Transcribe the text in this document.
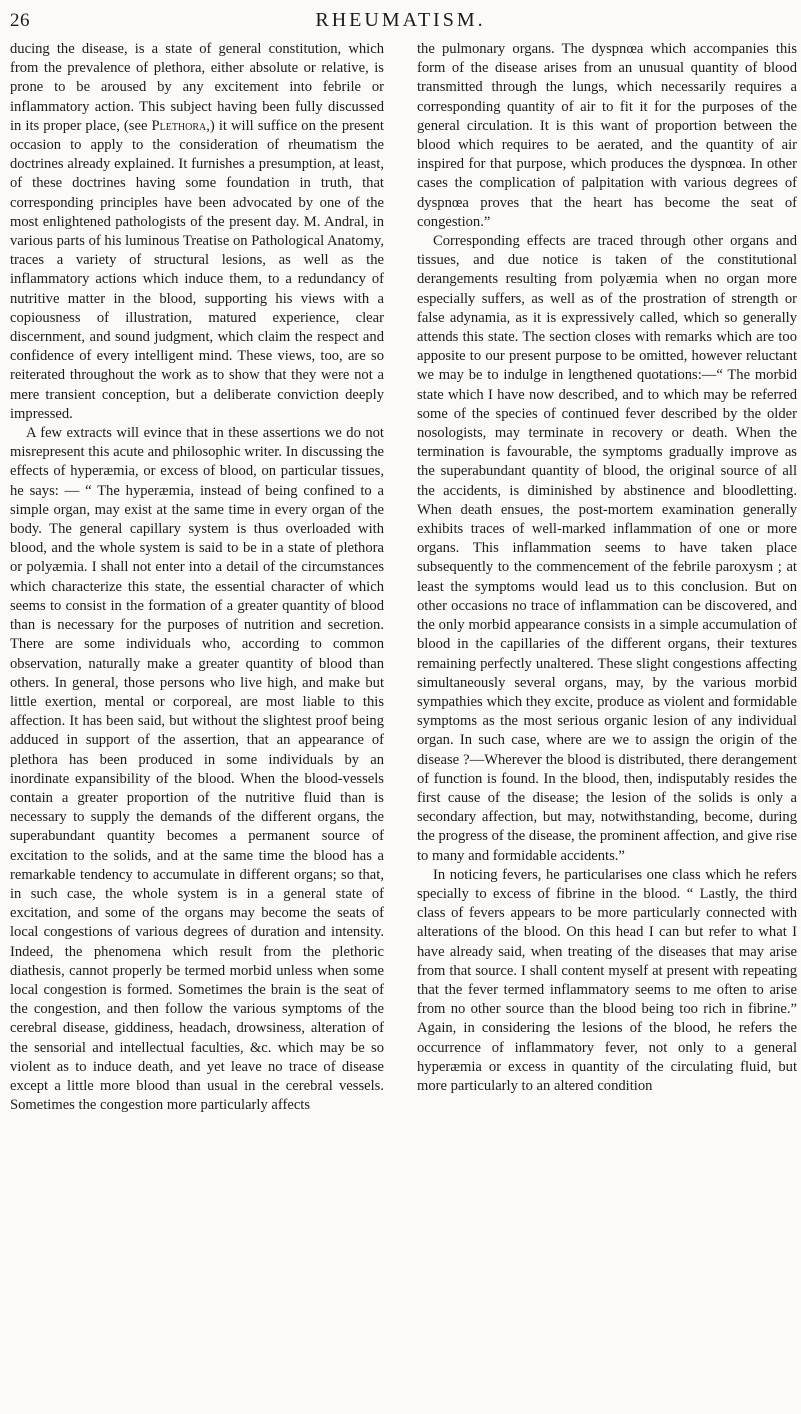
26	RHEUMATISM.

ducing the disease, is a state of general constitution, which from the prevalence of plethora, either absolute or relative, is prone to be aroused by any excitement into febrile or inflammatory action. This subject having been fully discussed in its proper place, (see Plethora,) it will suffice on the present occasion to apply to the consideration of rheumatism the doctrines already explained. It furnishes a presumption, at least, of these doctrines having some foundation in truth, that corresponding principles have been advocated by one of the most enlightened pathologists of the present day. M. Andral, in various parts of his luminous Treatise on Pathological Anatomy, traces a variety of structural lesions, as well as the inflammatory actions which induce them, to a redundancy of nutritive matter in the blood, supporting his views with a copiousness of illustration, matured experience, clear discernment, and sound judgment, which claim the respect and confidence of every intelligent mind. These views, too, are so reiterated throughout the work as to show that they were not a mere transient conception, but a deliberate conviction deeply impressed.

A few extracts will evince that in these assertions we do not misrepresent this acute and philosophic writer. In discussing the effects of hyperæmia, or excess of blood, on particular tissues, he says: — “ The hyperæmia, instead of being confined to a simple organ, may exist at the same time in every organ of the body. The general capillary system is thus overloaded with blood, and the whole system is said to be in a state of plethora or polyæmia. I shall not enter into a detail of the circumstances which characterize this state, the essential character of which seems to consist in the formation of a greater quantity of blood than is necessary for the purposes of nutrition and secretion. There are some individuals who, according to common observation, naturally make a greater quantity of blood than others. In general, those persons who live high, and make but little exertion, mental or corporeal, are most liable to this affection. It has been said, but without the slightest proof being adduced in support of the assertion, that an appearance of plethora has been produced in some individuals by an inordinate expansibility of the blood. When the blood-vessels contain a greater proportion of the nutritive fluid than is necessary to supply the demands of the different organs, the superabundant quantity becomes a permanent source of excitation to the solids, and at the same time the blood has a remarkable tendency to accumulate in different organs; so that, in such case, the whole system is in a general state of excitation, and some of the organs may become the seats of local congestions of various degrees of duration and intensity. Indeed, the phenomena which result from the plethoric diathesis, cannot properly be termed morbid unless when some local congestion is formed. Sometimes the brain is the seat of the congestion, and then follow the various symptoms of the cerebral disease, giddiness, headach, drowsiness, alteration of the sensorial and intellectual faculties, &c. which may be so violent as to induce death, and yet leave no trace of disease except a little more blood than usual in the cerebral vessels. Sometimes the congestion more particularly affects

the pulmonary organs. The dyspnœa which accompanies this form of the disease arises from an unusual quantity of blood transmitted through the lungs, which necessarily requires a corresponding quantity of air to fit it for the purposes of the general circulation. It is this want of proportion between the blood which requires to be aerated, and the quantity of air inspired for that purpose, which produces the dyspnœa. In other cases the complication of palpitation with various degrees of dyspnœa proves that the heart has become the seat of congestion.”

Corresponding effects are traced through other organs and tissues, and due notice is taken of the constitutional derangements resulting from polyæmia when no organ more especially suffers, as well as of the prostration of strength or false adynamia, as it is expressively called, which so generally attends this state. The section closes with remarks which are too apposite to our present purpose to be omitted, however reluctant we may be to indulge in lengthened quotations:—“ The morbid state which I have now described, and to which may be referred some of the species of continued fever described by the older nosologists, may terminate in recovery or death. When the termination is favourable, the symptoms gradually improve as the superabundant quantity of blood, the original source of all the accidents, is diminished by abstinence and bloodletting. When death ensues, the post-mortem examination generally exhibits traces of well-marked inflammation of one or more organs. This inflammation seems to have taken place subsequently to the commencement of the febrile paroxysm ; at least the symptoms would lead us to this conclusion. But on other occasions no trace of inflammation can be discovered, and the only morbid appearance consists in a simple accumulation of blood in the capillaries of the different organs, their textures remaining perfectly unaltered. These slight congestions affecting simultaneously several organs, may, by the various morbid sympathies which they excite, produce as violent and formidable symptoms as the most serious organic lesion of any individual organ. In such case, where are we to assign the origin of the disease ?—Wherever the blood is distributed, there derangement of function is found. In the blood, then, indisputably resides the first cause of the disease; the lesion of the solids is only a secondary affection, but may, notwithstanding, become, during the progress of the disease, the prominent affection, and give rise to many and formidable accidents.”

In noticing fevers, he particularises one class which he refers specially to excess of fibrine in the blood. “ Lastly, the third class of fevers appears to be more particularly connected with alterations of the blood. On this head I can but refer to what I have already said, when treating of the diseases that may arise from that source. I shall content myself at present with repeating that the fever termed inflammatory seems to me often to arise from no other source than the blood being too rich in fibrine.” Again, in considering the lesions of the blood, he refers the occurrence of inflammatory fever, not only to a general hyperæmia or excess in quantity of the circulating fluid, but more particularly to an altered condition
